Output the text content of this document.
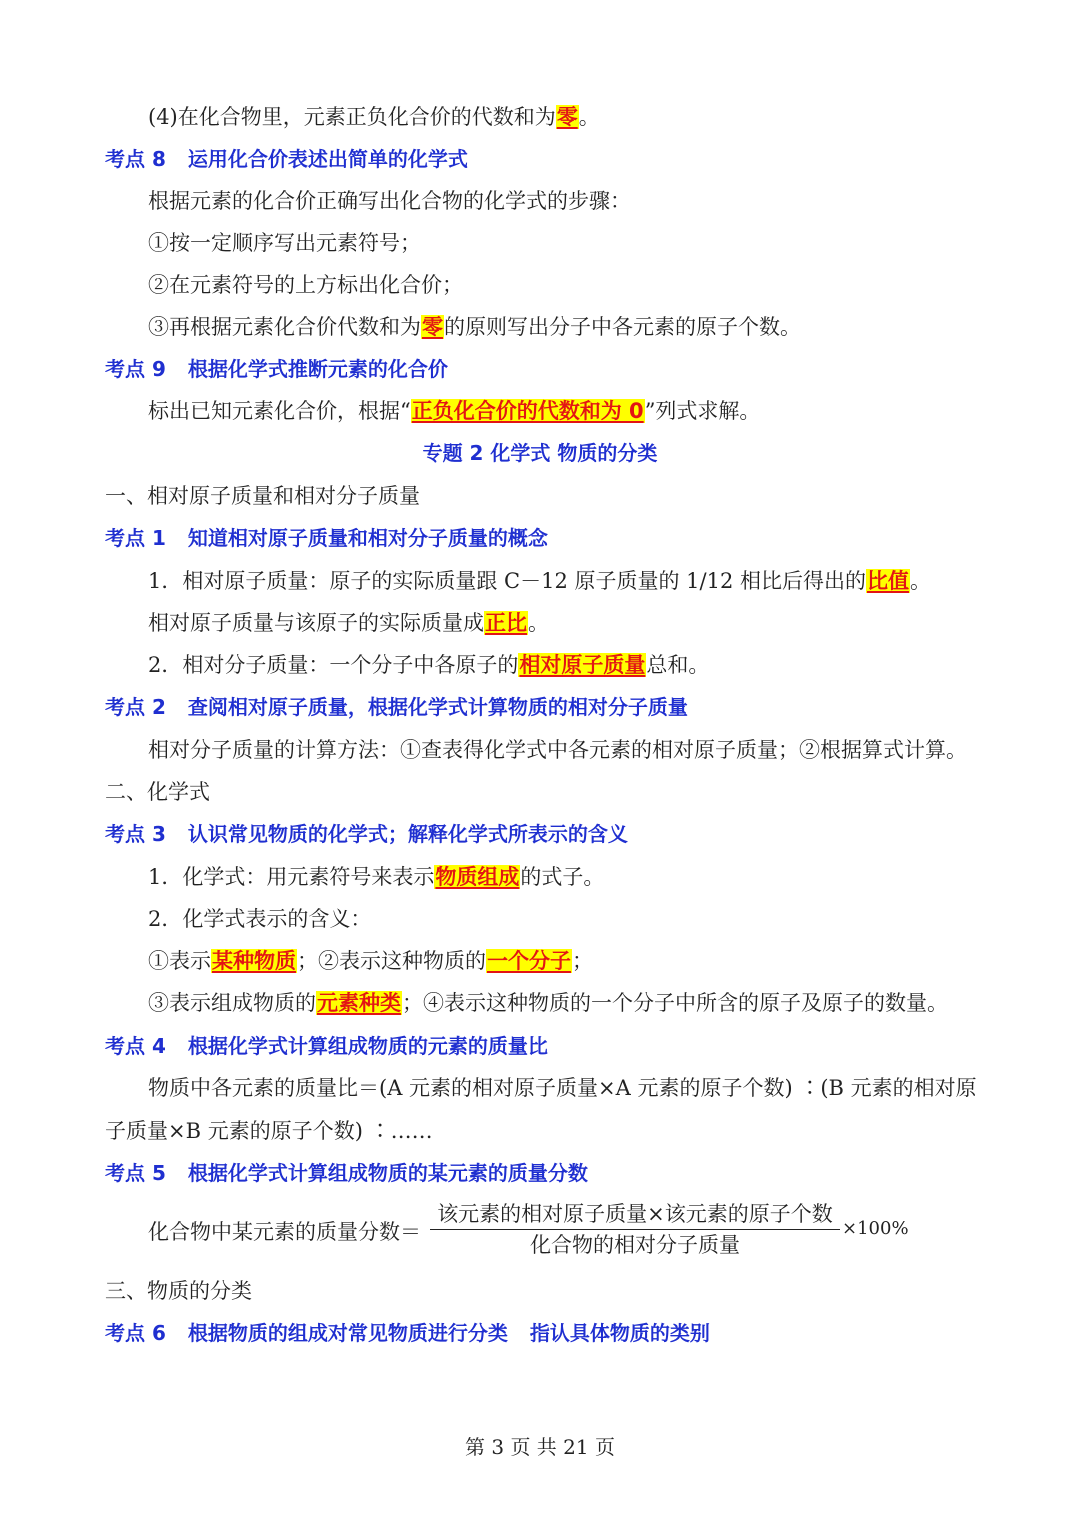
(4)在化合物里，元素正负化合价的代数和为零。
考点 8 运用化合价表述出简单的化学式
根据元素的化合价正确写出化合物的化学式的步骤：
①按一定顺序写出元素符号；
②在元素符号的上方标出化合价；
③再根据元素化合价代数和为零的原则写出分子中各元素的原子个数。
考点 9 根据化学式推断元素的化合价
标出已知元素化合价，根据“正负化合价的代数和为 0”列式求解。
专题 2 化学式 物质的分类
一、相对原子质量和相对分子质量
考点 1 知道相对原子质量和相对分子质量的概念
1．相对原子质量：原子的实际质量跟 C－12 原子质量的 1/12 相比后得出的比值。
相对原子质量与该原子的实际质量成正比。
2．相对分子质量：一个分子中各原子的相对原子质量总和。
考点 2 查阅相对原子质量，根据化学式计算物质的相对分子质量
相对分子质量的计算方法：①查表得化学式中各元素的相对原子质量；②根据算式计算。
二、化学式
考点 3 认识常见物质的化学式；解释化学式所表示的含义
1．化学式：用元素符号来表示物质组成的式子。
2．化学式表示的含义：
①表示某种物质；②表示这种物质的一个分子；
③表示组成物质的元素种类；④表示这种物质的一个分子中所含的原子及原子的数量。
考点 4 根据化学式计算组成物质的元素的质量比
物质中各元素的质量比＝(A 元素的相对原子质量×A 元素的原子个数) ∶(B 元素的相对原
子质量×B 元素的原子个数) ∶……
考点 5 根据化学式计算组成物质的某元素的质量分数
化合物中某元素的质量分数＝
该元素的相对原子质量×该元素的原子个数
化合物的相对分子质量
×100%
三、物质的分类
考点 6 根据物质的组成对常见物质进行分类 指认具体物质的类别
第 3 页 共 21 页
